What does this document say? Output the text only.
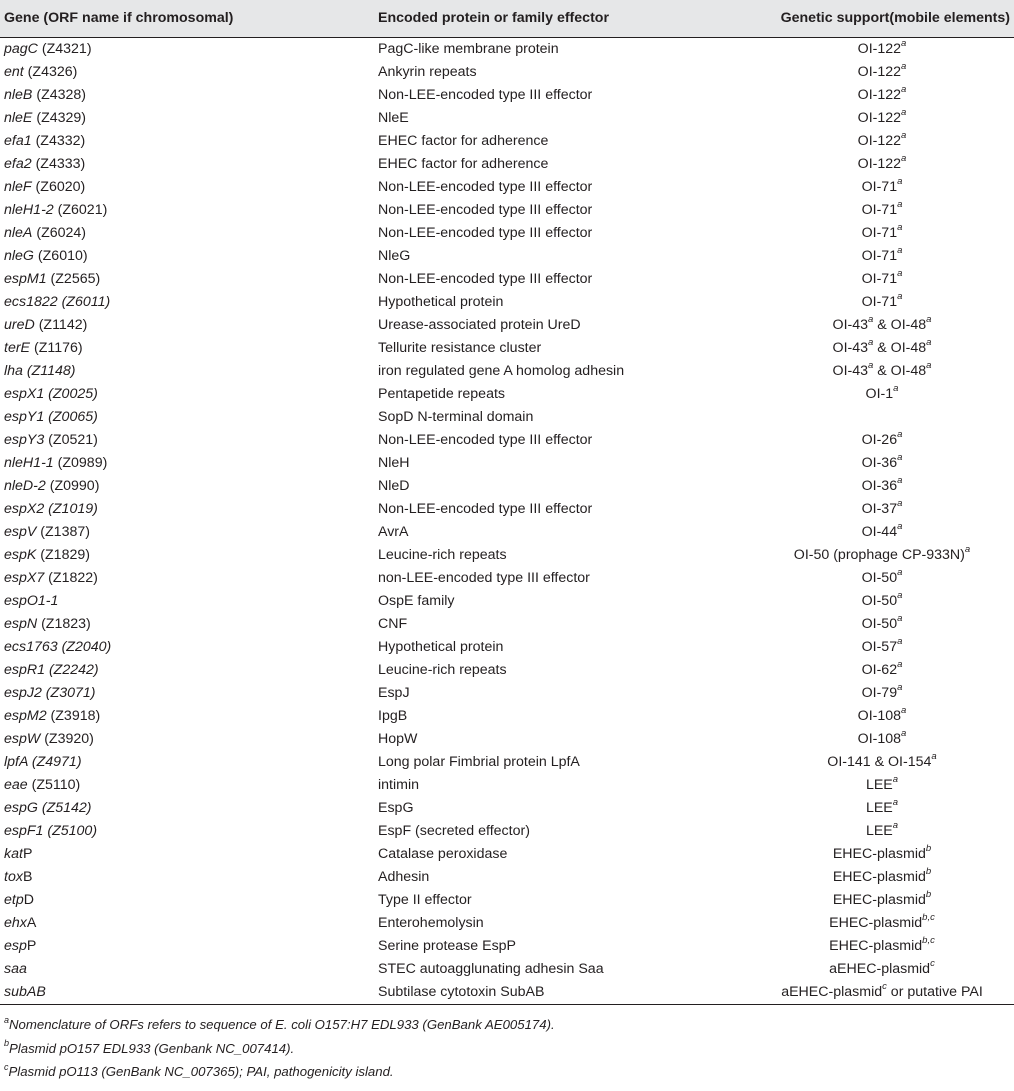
Gene (ORF name if chromosomal)	Encoded protein or family effector	Genetic support(mobile elements)
pagC (Z4321)	PagC-like membrane protein	OI-122$^a$
ent (Z4326)	Ankyrin repeats	OI-122$^a$
nleB (Z4328)	Non-LEE-encoded type III effector	OI-122$^a$
nleE (Z4329)	NleE	OI-122$^a$
efa1 (Z4332)	EHEC factor for adherence	OI-122$^a$
efa2 (Z4333)	EHEC factor for adherence	OI-122$^a$
nleF (Z6020)	Non-LEE-encoded type III effector	OI-71$^a$
nleH1-2 (Z6021)	Non-LEE-encoded type III effector	OI-71$^a$
nleA (Z6024)	Non-LEE-encoded type III effector	OI-71$^a$
nleG (Z6010)	NleG	OI-71$^a$
espM1 (Z2565)	Non-LEE-encoded type III effector	OI-71$^a$
ecs1822 (Z6011)	Hypothetical protein	OI-71$^a$
ureD (Z1142)	Urease-associated protein UreD	OI-43$^a$ & OI-48$^a$
terE (Z1176)	Tellurite resistance cluster	OI-43$^a$ & OI-48$^a$
lha (Z1148)	iron regulated gene A homolog adhesin	OI-43$^a$ & OI-48$^a$
espX1 (Z0025)	Pentapetide repeats	OI-1$^a$
espY1 (Z0065)	SopD N-terminal domain	
espY3 (Z0521)	Non-LEE-encoded type III effector	OI-26$^a$
nleH1-1 (Z0989)	NleH	OI-36$^a$
nleD-2 (Z0990)	NleD	OI-36$^a$
espX2 (Z1019)	Non-LEE-encoded type III effector	OI-37$^a$
espV (Z1387)	AvrA	OI-44$^a$
espK (Z1829)	Leucine-rich repeats	OI-50 (prophage CP-933N)$^a$
espX7 (Z1822)	non-LEE-encoded type III effector	OI-50$^a$
espO1-1	OspE family	OI-50$^a$
espN (Z1823)	CNF	OI-50$^a$
ecs1763 (Z2040)	Hypothetical protein	OI-57$^a$
espR1 (Z2242)	Leucine-rich repeats	OI-62$^a$
espJ2 (Z3071)	EspJ	OI-79$^a$
espM2 (Z3918)	IpgB	OI-108$^a$
espW (Z3920)	HopW	OI-108$^a$
lpfA (Z4971)	Long polar Fimbrial protein LpfA	OI-141 & OI-154$^a$
eae (Z5110)	intimin	LEE$^a$
espG (Z5142)	EspG	LEE$^a$
espF1 (Z5100)	EspF (secreted effector)	LEE$^a$
katP	Catalase peroxidase	EHEC-plasmid$^b$
toxB	Adhesin	EHEC-plasmid$^b$
etpD	Type II effector	EHEC-plasmid$^b$
ehxA	Enterohemolysin	EHEC-plasmid$^{b,c}$
espP	Serine protease EspP	EHEC-plasmid$^{b,c}$
saa	STEC autoagglunating adhesin Saa	aEHEC-plasmid$^c$
subAB	Subtilase cytotoxin SubAB	aEHEC-plasmid$^c$ or putative PAI
$^a$Nomenclature of ORFs refers to sequence of E. coli O157:H7 EDL933 (GenBank AE005174).
$^b$Plasmid pO157 EDL933 (Genbank NC_007414).
$^c$Plasmid pO113 (GenBank NC_007365); PAI, pathogenicity island.
